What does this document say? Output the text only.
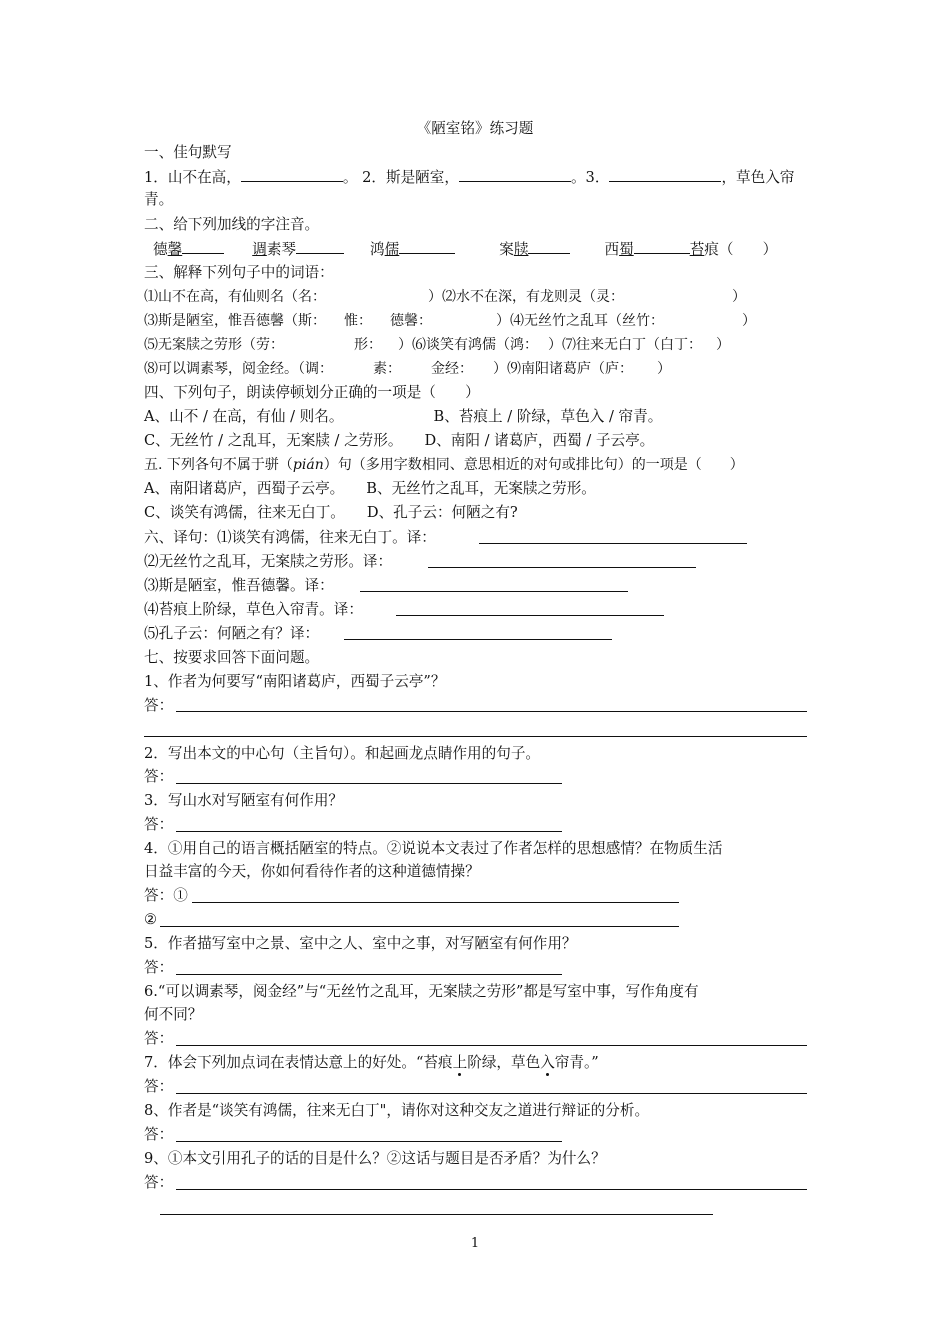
《陋室铭》练习题
一、佳句默写
1．山不在高，	。 2．斯是陋室，	。3．	，草色入帘
青。
二、给下列加线的字注音。
德馨	调素琴	鸿儒	案牍	西蜀	苔痕（　　）
三、解释下列句子中的词语：
⑴山不在高，有仙则名（名：	）⑵水不在深，有龙则灵（灵：	）
⑶斯是陋室，惟吾德馨（斯： 惟： 德馨：	）⑷无丝竹之乱耳（丝竹：	）
⑸无案牍之劳形（劳：	形： ）⑹谈笑有鸿儒（鸿： ）⑺往来无白丁（白丁： ）
⑻可以调素琴，阅金经。（调：	素： 金经： ）⑼南阳诸葛庐（庐： ）
四、下列句子，朗读停顿划分正确的一项是（　　）
A、山不 / 在高，有仙 / 则名。	B、苔痕上 / 阶绿，草色入 / 帘青。
C、无丝竹 / 之乱耳，无案牍 / 之劳形。 D、南阳 / 诸葛庐，西蜀 / 子云亭。
五. 下列各句不属于骈（pián）句（多用字数相同、意思相近的对句或排比句）的一项是（　　）
A、南阳诸葛庐，西蜀子云亭。 B、无丝竹之乱耳，无案牍之劳形。
C、谈笑有鸿儒，往来无白丁。 D、孔子云：何陋之有?
六、译句：⑴谈笑有鸿儒，往来无白丁。译：
⑵无丝竹之乱耳，无案牍之劳形。译：
⑶斯是陋室，惟吾德馨。译：
⑷苔痕上阶绿，草色入帘青。译：
⑸孔子云：何陋之有？译：
七、按要求回答下面问题。
1、作者为何要写“南阳诸葛庐，西蜀子云亭”？
答：
2．写出本文的中心句（主旨句）。和起画龙点睛作用的句子。
答：
3．写山水对写陋室有何作用？
答：
4．①用自己的语言概括陋室的特点。②说说本文表过了作者怎样的思想感情？在物质生活
日益丰富的今天，你如何看待作者的这种道德情操？
答：①
②
5．作者描写室中之景、室中之人、室中之事，对写陋室有何作用？
答：
6.“可以调素琴，阅金经”与“无丝竹之乱耳，无案牍之劳形”都是写室中事，写作角度有
何不同？
答：
7．体会下列加点词在表情达意上的好处。“苔痕上阶绿，草色入帘青。”
答：
8、作者是“谈笑有鸿儒，往来无白丁"，请你对这种交友之道进行辩证的分析。
答：
9、①本文引用孔子的话的目是什么？②这话与题目是否矛盾？为什么？
答：
1
